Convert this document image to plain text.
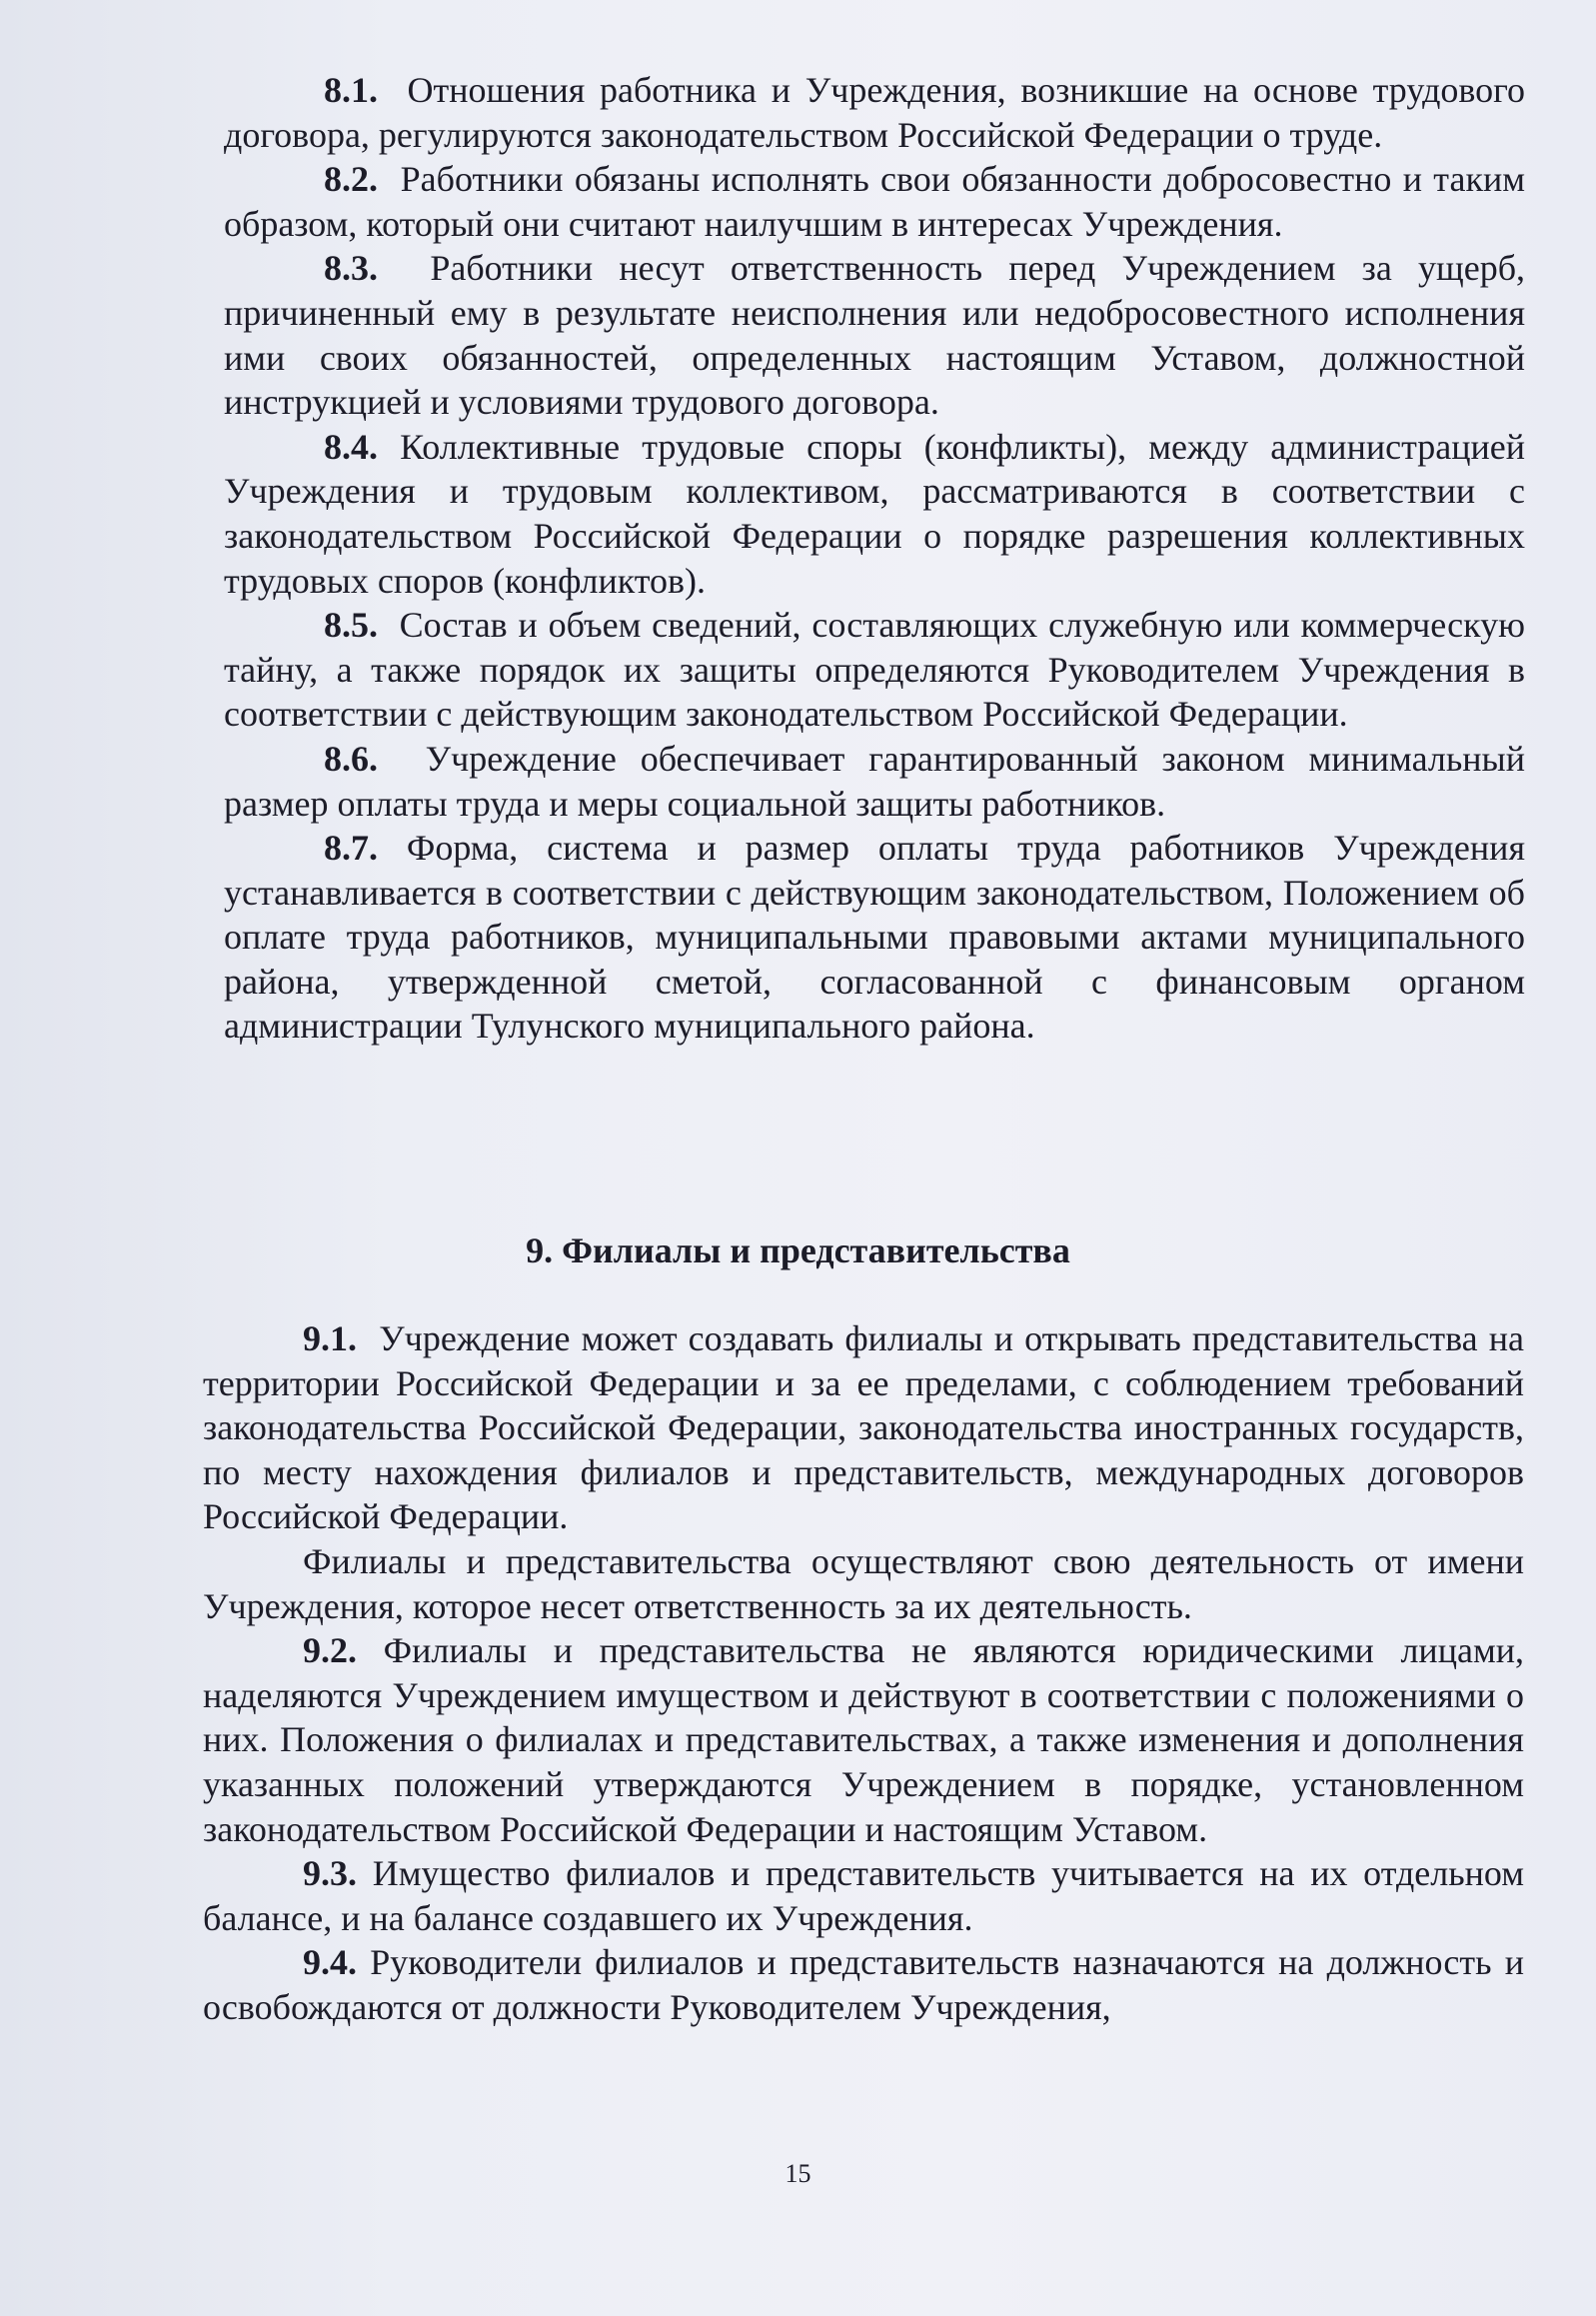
8.1. Отношения работника и Учреждения, возникшие на основе трудового договора, регулируются законодательством Российской Федерации о труде.

8.2. Работники обязаны исполнять свои обязанности добросовестно и таким образом, который они считают наилучшим в интересах Учреждения.

8.3. Работники несут ответственность перед Учреждением за ущерб, причиненный ему в результате неисполнения или недобросовестного исполнения ими своих обязанностей, определенных настоящим Уставом, должностной инструкцией и условиями трудового договора.

8.4. Коллективные трудовые споры (конфликты), между администрацией Учреждения и трудовым коллективом, рассматриваются в соответствии с законодательством Российской Федерации о порядке разрешения коллективных трудовых споров (конфликтов).

8.5. Состав и объем сведений, составляющих служебную или коммерческую тайну, а также порядок их защиты определяются Руководителем Учреждения в соответствии с действующим законодательством Российской Федерации.

8.6. Учреждение обеспечивает гарантированный законом минимальный размер оплаты труда и меры социальной защиты работников.

8.7. Форма, система и размер оплаты труда работников Учреждения устанавливается в соответствии с действующим законодательством, Положением об оплате труда работников, муниципальными правовыми актами муниципального района, утвержденной сметой, согласованной с финансовым органом администрации Тулунского муниципального района.

9. Филиалы и представительства

9.1. Учреждение может создавать филиалы и открывать представительства на территории Российской Федерации и за ее пределами, с соблюдением требований законодательства Российской Федерации, законодательства иностранных государств, по месту нахождения филиалов и представительств, международных договоров Российской Федерации.

Филиалы и представительства осуществляют свою деятельность от имени Учреждения, которое несет ответственность за их деятельность.

9.2. Филиалы и представительства не являются юридическими лицами, наделяются Учреждением имуществом и действуют в соответствии с положениями о них. Положения о филиалах и представительствах, а также изменения и дополнения указанных положений утверждаются Учреждением в порядке, установленном законодательством Российской Федерации и настоящим Уставом.

9.3. Имущество филиалов и представительств учитывается на их отдельном балансе, и на балансе создавшего их Учреждения.

9.4. Руководители филиалов и представительств назначаются на должность и освобождаются от должности Руководителем Учреждения,

15
